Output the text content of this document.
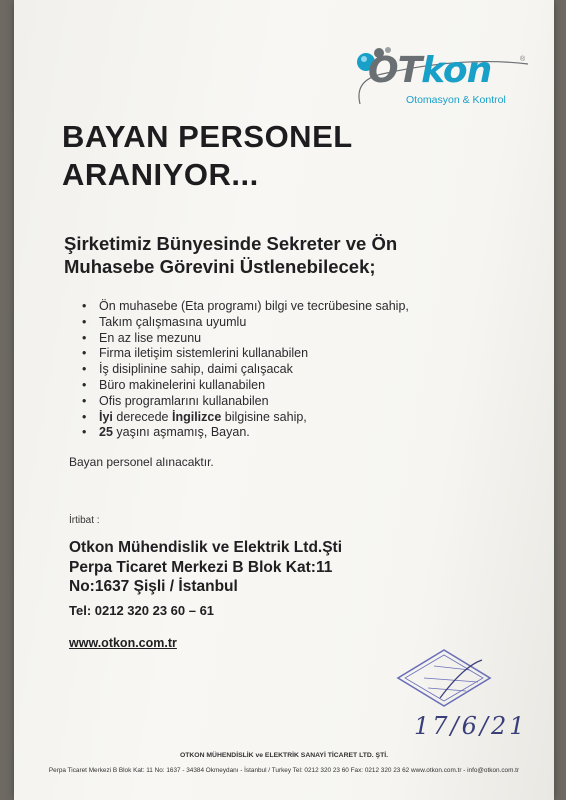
OTkon	®
Otomasyon & Kontrol
BAYAN PERSONEL
ARANIYOR...
Şirketimiz Bünyesinde Sekreter ve Ön
Muhasebe Görevini Üstlenebilecek;
• Ön muhasebe (Eta programı) bilgi ve tecrübesine sahip,
• Takım çalışmasına uyumlu
• En az lise mezunu
• Firma iletişim sistemlerini kullanabilen
• İş disiplinine sahip, daimi çalışacak
• Büro makinelerini kullanabilen
• Ofis programlarını kullanabilen
• İyi derecede İngilizce bilgisine sahip,
• 25 yaşını aşmamış, Bayan.
Bayan personel alınacaktır.
İrtibat :

Otkon Mühendislik ve Elektrik Ltd.Şti
Perpa Ticaret Merkezi B Blok Kat:11
No:1637 Şişli / İstanbul

Tel: 0212 320 23 60 – 61
www.otkon.com.tr
17/6/21
OTKON MÜHENDİSLİK ve ELEKTRİK SANAYİ TİCARET LTD. ŞTİ.
Perpa Ticaret Merkezi B Blok Kat: 11 No: 1637 - 34384 Okmeydanı - İstanbul / Turkey Tel: 0212 320 23 60 Fax: 0212 320 23 62 www.otkon.com.tr - info@otkon.com.tr
